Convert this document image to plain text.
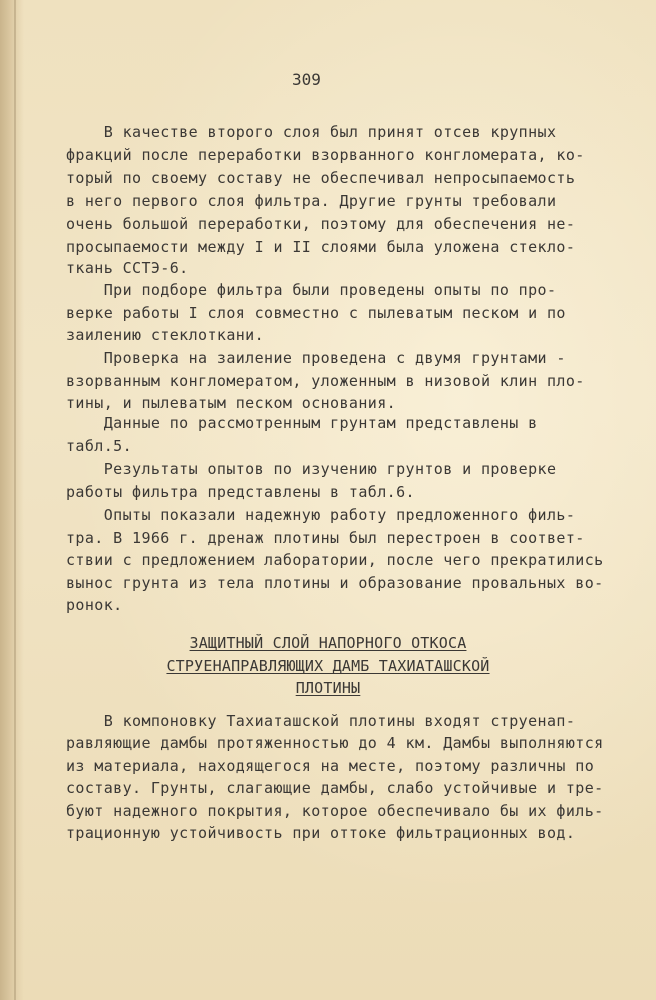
309
В качестве второго слоя был принят отсев крупных
фракций после переработки взорванного конгломерата, ко-
торый по своему составу не обеспечивал непросыпаемость
в него первого слоя фильтра. Другие грунты требовали
очень большой переработки, поэтому для обеспечения не-
просыпаемости между I и II слоями была уложена стекло-
ткань ССТЭ-6.
При подборе фильтра были проведены опыты по про-
верке работы I слоя совместно с пылеватым песком и по
заилению стеклоткани.
Проверка на заиление проведена с двумя грунтами -
взорванным конгломератом, уложенным в низовой клин пло-
тины, и пылеватым песком основания.
Данные по рассмотренным грунтам представлены в
табл.5.
Результаты опытов по изучению грунтов и проверке
работы фильтра представлены в табл.6.
Опыты показали надежную работу предложенного филь-
тра. В 1966 г. дренаж плотины был перестроен в соответ-
ствии с предложением лаборатории, после чего прекратились
вынос грунта из тела плотины и образование провальных во-
ронок.
ЗАЩИТНЫЙ СЛОЙ НАПОРНОГО ОТКОСА
СТРУЕНАПРАВЛЯЮЩИХ ДАМБ ТАХИАТАШСКОЙ
ПЛОТИНЫ
В компоновку Тахиаташской плотины входят струенап-
равляющие дамбы протяженностью до 4 км. Дамбы выполняются
из материала, находящегося на месте, поэтому различны по
составу. Грунты, слагающие дамбы, слабо устойчивые и тре-
буют надежного покрытия, которое обеспечивало бы их филь-
трационную устойчивость при оттоке фильтрационных вод.
